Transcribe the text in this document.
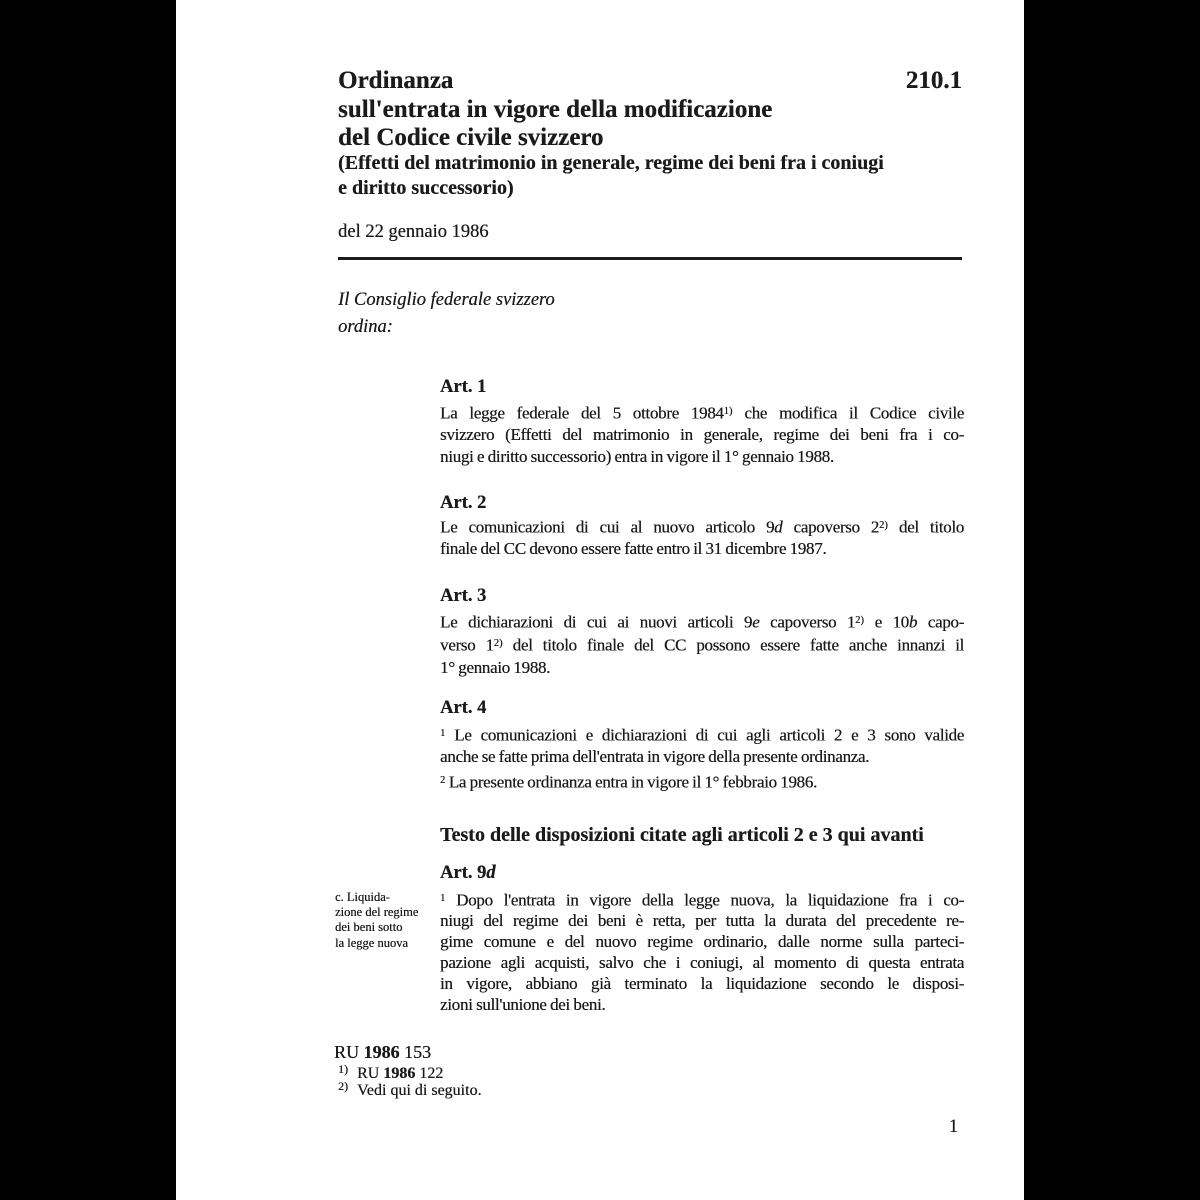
210.1
Ordinanza
sull'entrata in vigore della modificazione
del Codice civile svizzero
(Effetti del matrimonio in generale, regime dei beni fra i coniugi
e diritto successorio)
del 22 gennaio 1986
Il Consiglio federale svizzero
ordina:
Art. 1
La legge federale del 5 ottobre 1984$^{1)}$ che modifica il Codice civile
svizzero (Effetti del matrimonio in generale, regime dei beni fra i co-
niugi e diritto successorio) entra in vigore il 1° gennaio 1988.
Art. 2
Le comunicazioni di cui al nuovo articolo 9d capoverso 2$^{2)}$ del titolo
finale del CC devono essere fatte entro il 31 dicembre 1987.
Art. 3
Le dichiarazioni di cui ai nuovi articoli 9e capoverso 1$^{2)}$ e 10b capo-
verso 1$^{2)}$ del titolo finale del CC possono essere fatte anche innanzi il
1° gennaio 1988.
Art. 4
$^1$ Le comunicazioni e dichiarazioni di cui agli articoli 2 e 3 sono valide
anche se fatte prima dell'entrata in vigore della presente ordinanza.
$^2$ La presente ordinanza entra in vigore il 1° febbraio 1986.
Testo delle disposizioni citate agli articoli 2 e 3 qui avanti
Art. 9d
c. Liquida-
zione del regime
dei beni sotto
la legge nuova
$^1$ Dopo l'entrata in vigore della legge nuova, la liquidazione fra i co-
niugi del regime dei beni è retta, per tutta la durata del precedente re-
gime comune e del nuovo regime ordinario, dalle norme sulla parteci-
pazione agli acquisti, salvo che i coniugi, al momento di questa entrata
in vigore, abbiano già terminato la liquidazione secondo le disposi-
zioni sull'unione dei beni.
RU 1986 153
$^{1)}$ RU 1986 122
$^{2)}$ Vedi qui di seguito.
1
